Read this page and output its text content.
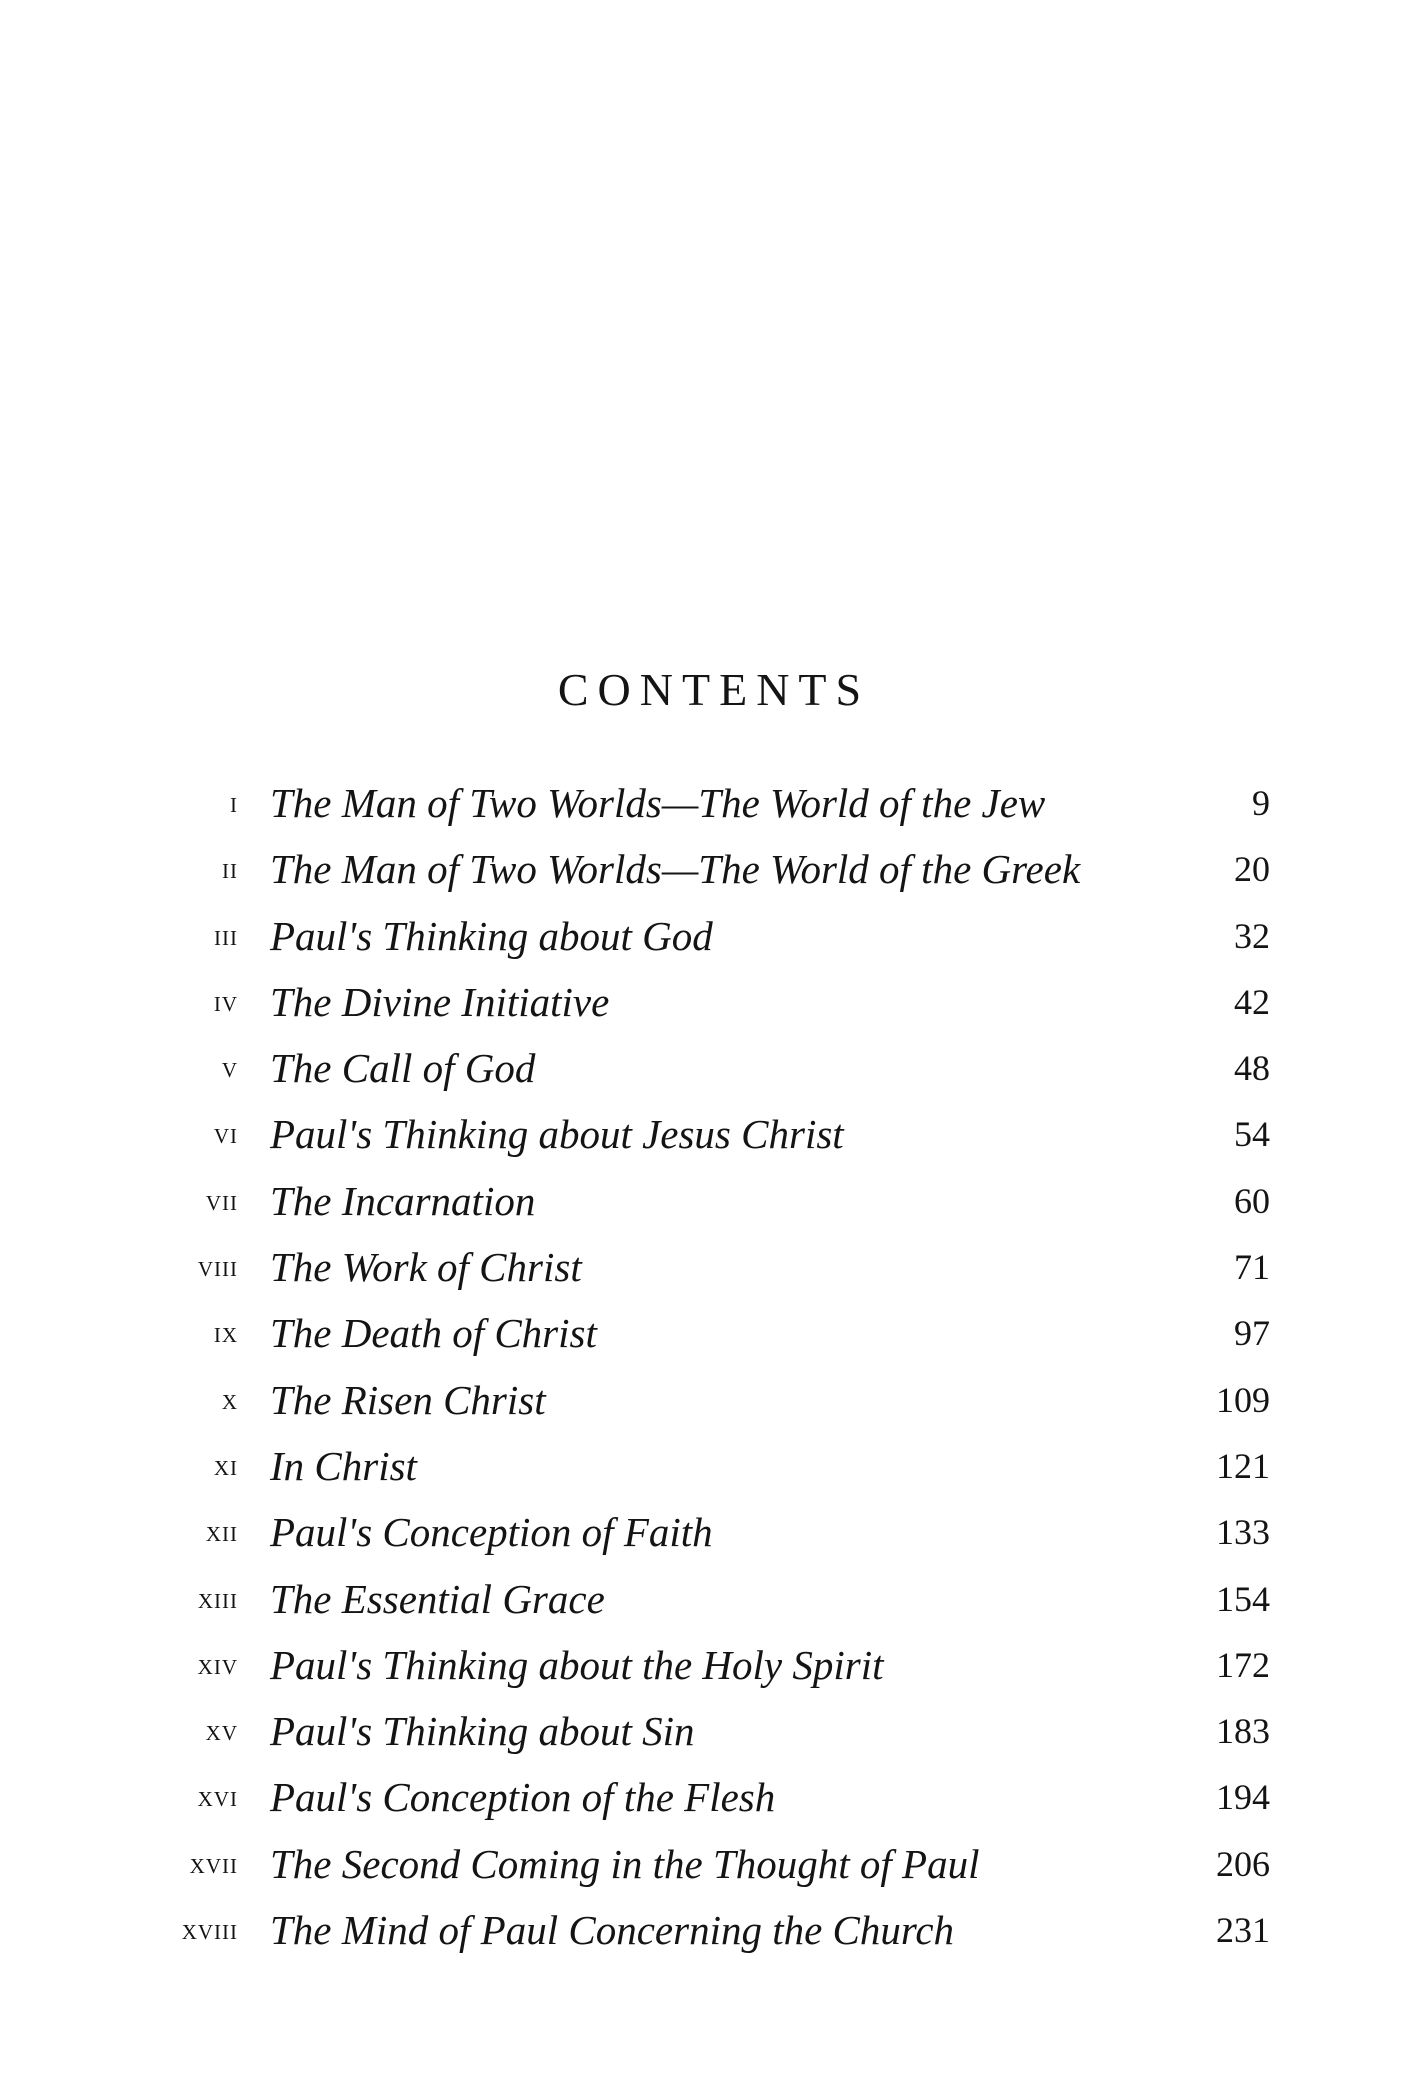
CONTENTS
i The Man of Two Worlds—The World of the Jew	9
ii The Man of Two Worlds—The World of the Greek	20
iii Paul's Thinking about God	32
iv The Divine Initiative	42
v The Call of God	48
vi Paul's Thinking about Jesus Christ	54
vii The Incarnation	60
viii The Work of Christ	71
ix The Death of Christ	97
x The Risen Christ	109
xi In Christ	121
xii Paul's Conception of Faith	133
xiii The Essential Grace	154
xiv Paul's Thinking about the Holy Spirit	172
xv Paul's Thinking about Sin	183
xvi Paul's Conception of the Flesh	194
xvii The Second Coming in the Thought of Paul	206
xviii The Mind of Paul Concerning the Church	231
